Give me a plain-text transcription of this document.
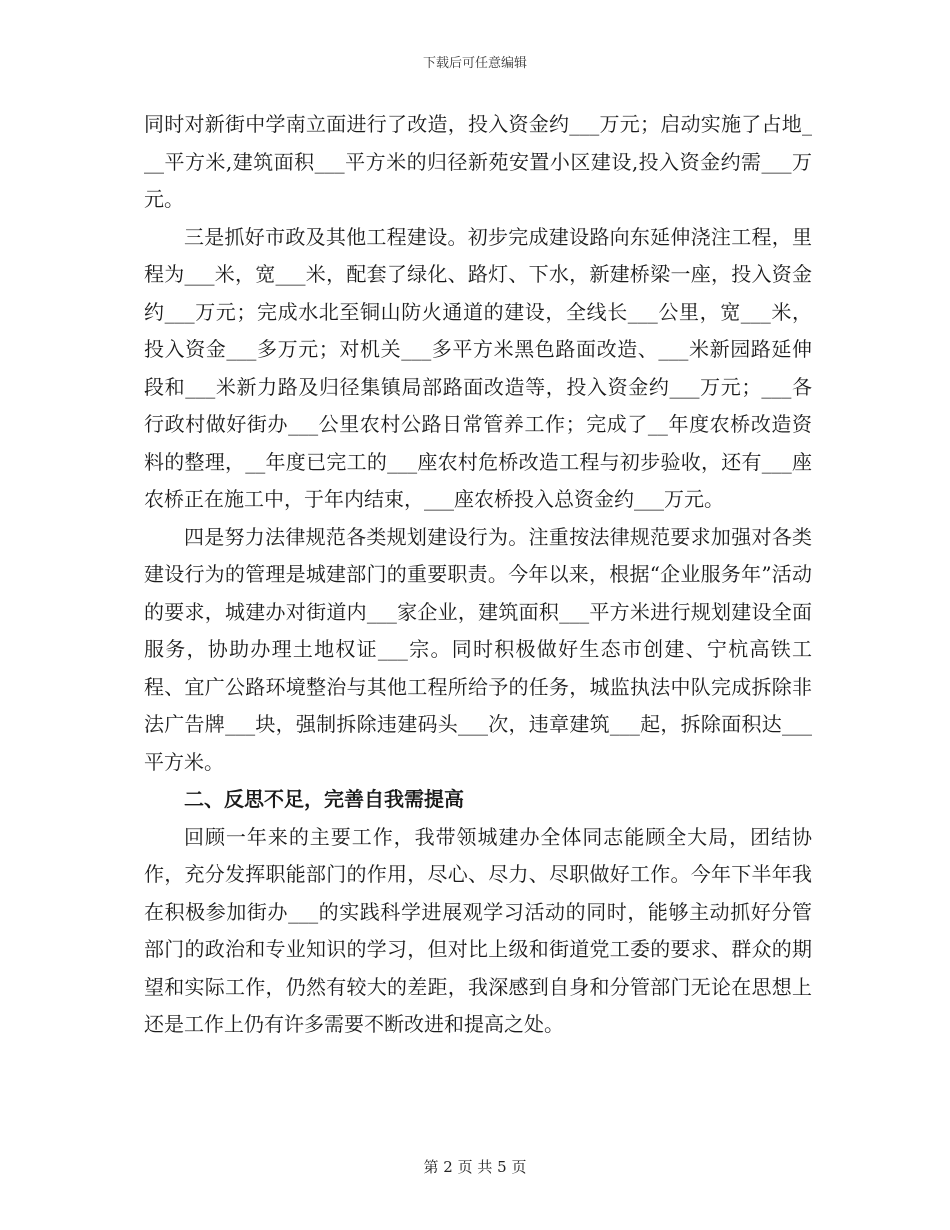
下载后可任意编辑

同时对新街中学南立面进行了改造，投入资金约___万元；启动实施了占地___平方米,建筑面积___平方米的归径新苑安置小区建设,投入资金约需___万元。

三是抓好市政及其他工程建设。初步完成建设路向东延伸浇注工程，里程为___米，宽___米，配套了绿化、路灯、下水，新建桥梁一座，投入资金约___万元；完成水北至铜山防火通道的建设，全线长___公里，宽___米，投入资金___多万元；对机关___多平方米黑色路面改造、___米新园路延伸段和___米新力路及归径集镇局部路面改造等，投入资金约___万元；___各行政村做好街办___公里农村公路日常管养工作；完成了__年度农桥改造资料的整理，__年度已完工的___座农村危桥改造工程与初步验收，还有___座农桥正在施工中，于年内结束，___座农桥投入总资金约___万元。

四是努力法律规范各类规划建设行为。注重按法律规范要求加强对各类建设行为的管理是城建部门的重要职责。今年以来，根据“企业服务年”活动的要求，城建办对街道内___家企业，建筑面积___平方米进行规划建设全面服务，协助办理土地权证___宗。同时积极做好生态市创建、宁杭高铁工程、宜广公路环境整治与其他工程所给予的任务，城监执法中队完成拆除非法广告牌___块，强制拆除违建码头___次，违章建筑___起，拆除面积达___平方米。

二、反思不足，完善自我需提高

回顾一年来的主要工作，我带领城建办全体同志能顾全大局，团结协作，充分发挥职能部门的作用，尽心、尽力、尽职做好工作。今年下半年我在积极参加街办___的实践科学进展观学习活动的同时，能够主动抓好分管部门的政治和专业知识的学习，但对比上级和街道党工委的要求、群众的期望和实际工作，仍然有较大的差距，我深感到自身和分管部门无论在思想上还是工作上仍有许多需要不断改进和提高之处。

第 2 页 共 5 页
